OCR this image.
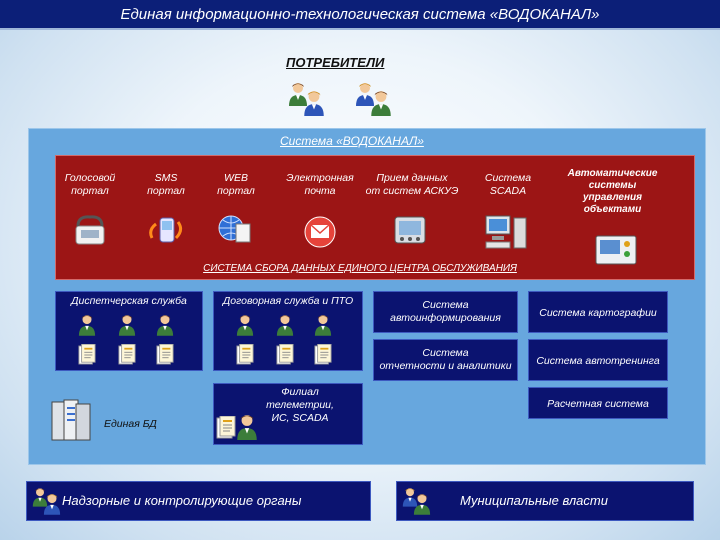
Единая информационно-технологическая система «ВОДОКАНАЛ»
ПОТРЕБИТЕЛИ
Система «ВОДОКАНАЛ»
Голосовой
портал
SMS
портал
WEB
портал
Электронная
почта
Прием данных
от систем АСКУЭ
Система
SCADA
Автоматические
системы
управления
объектами
СИСТЕМА СБОРА ДАННЫХ ЕДИНОГО ЦЕНТРА ОБСЛУЖИВАНИЯ
Диспетчерская служба	Договорная служба и ПТО	Система
автоинформирования
Система
отчетности и аналитики
Система картографии
Система автотренинга
Расчетная система
Единая БД
Филиал
телеметрии,
ИС, SCADA
Надзорные и контролирующие органы	Муниципальные власти
